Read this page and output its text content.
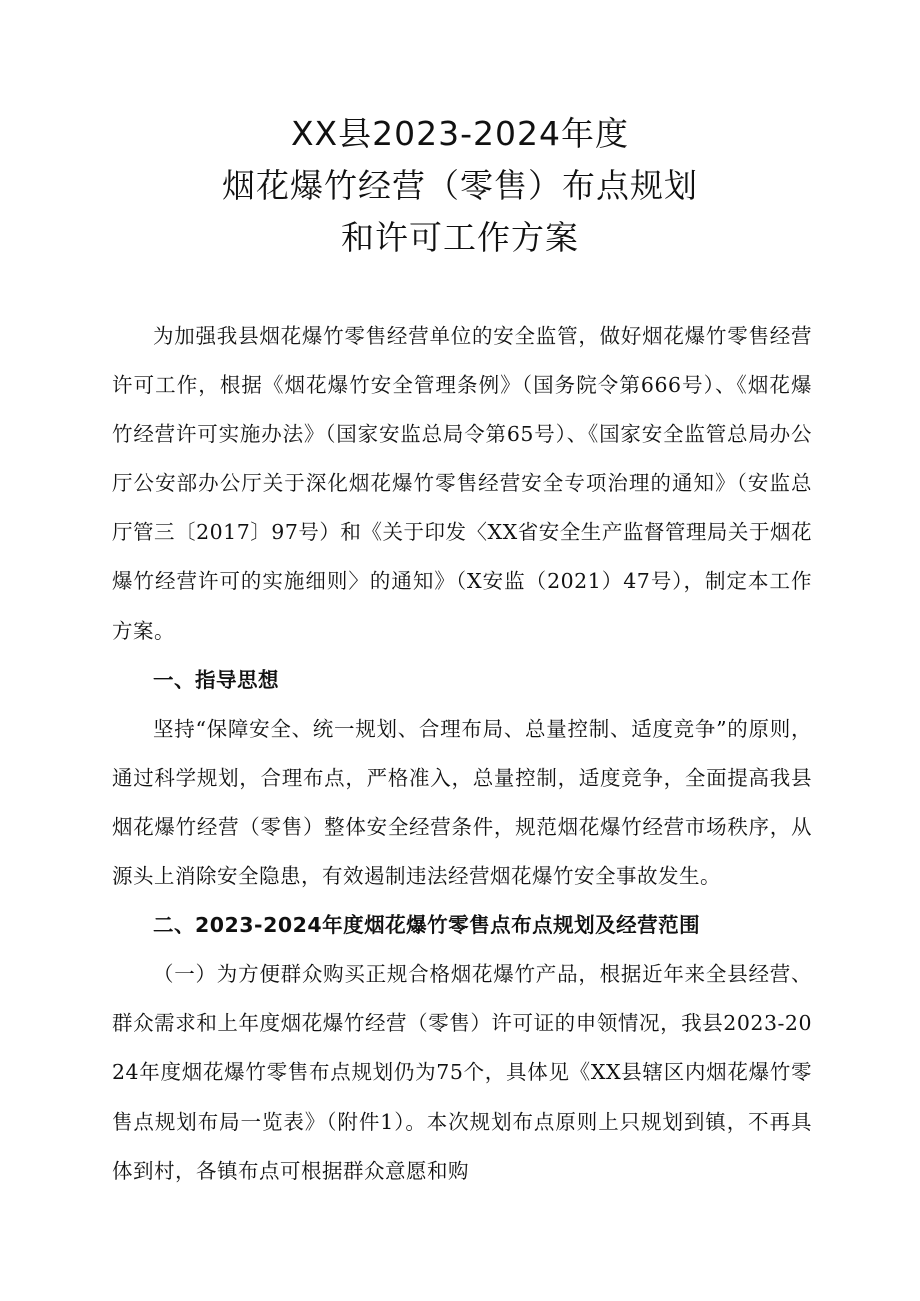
XX县2023-2024年度

烟花爆竹经营（零售）布点规划

和许可工作方案

为加强我县烟花爆竹零售经营单位的安全监管，做好烟花爆竹零售经营许可工作，根据《烟花爆竹安全管理条例》（国务院令第666号）、《烟花爆竹经营许可实施办法》（国家安监总局令第65号）、《国家安全监管总局办公厅公安部办公厅关于深化烟花爆竹零售经营安全专项治理的通知》（安监总厅管三〔2017〕97号）和《关于印发〈XX省安全生产监督管理局关于烟花爆竹经营许可的实施细则〉的通知》（X安监（2021）47号），制定本工作方案。

一、指导思想

坚持“保障安全、统一规划、合理布局、总量控制、适度竞争”的原则，通过科学规划，合理布点，严格准入，总量控制，适度竞争，全面提高我县烟花爆竹经营（零售）整体安全经营条件，规范烟花爆竹经营市场秩序，从源头上消除安全隐患，有效遏制违法经营烟花爆竹安全事故发生。

二、2023-2024年度烟花爆竹零售点布点规划及经营范围

（一）为方便群众购买正规合格烟花爆竹产品，根据近年来全县经营、群众需求和上年度烟花爆竹经营（零售）许可证的申领情况，我县2023-2024年度烟花爆竹零售布点规划仍为75个，具体见《XX县辖区内烟花爆竹零售点规划布局一览表》（附件1）。本次规划布点原则上只规划到镇，不再具体到村，各镇布点可根据群众意愿和购
